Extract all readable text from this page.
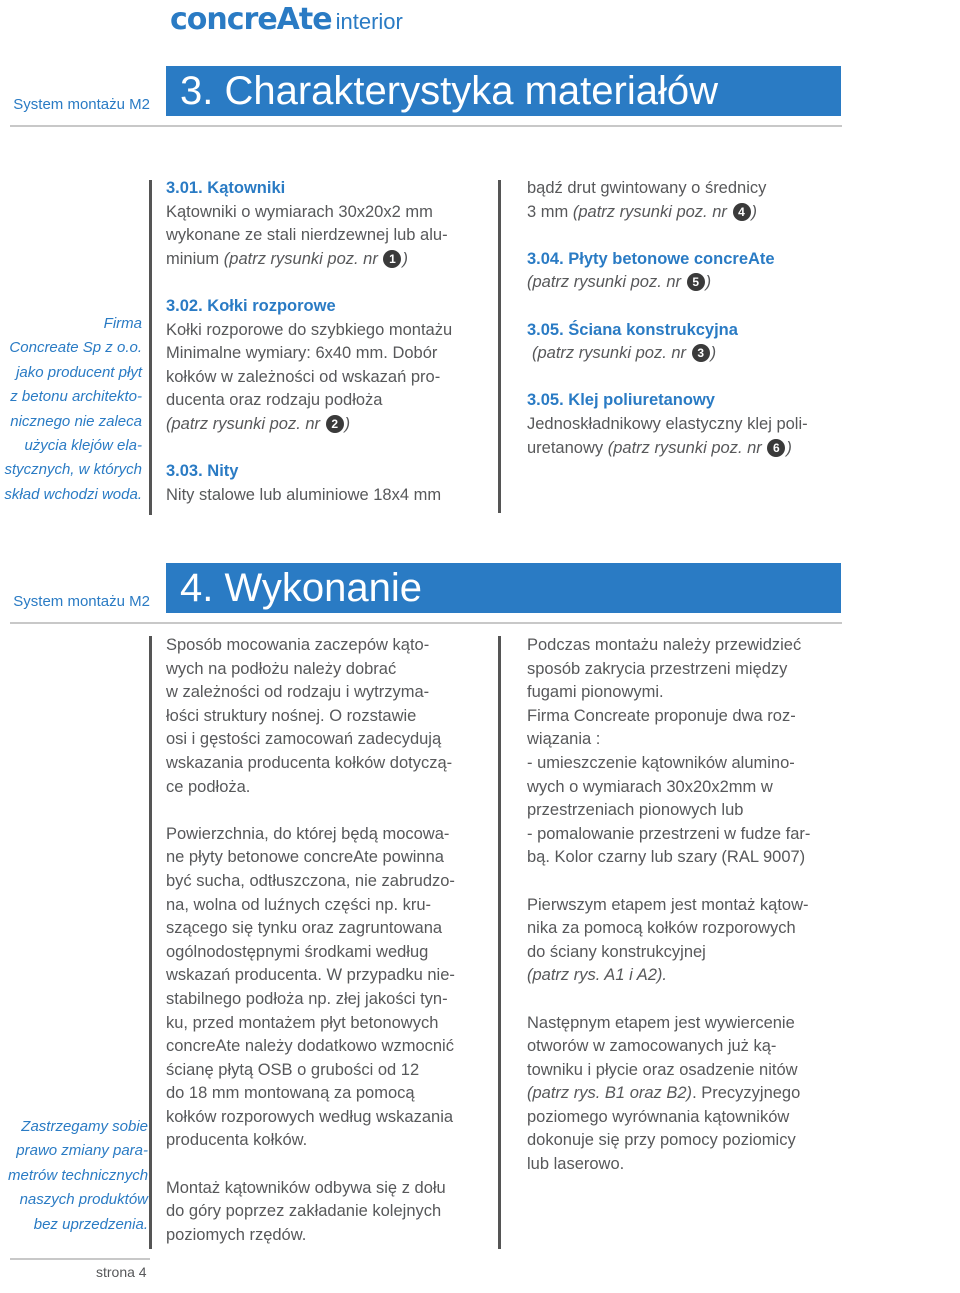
concreAte interior
System montażu M2 3. Charakterystyka materiałów
Firma
Concreate Sp z o.o.
jako producent płyt
z betonu architekto-
nicznego nie zaleca
użycia klejów ela-
stycznych, w których
skład wchodzi woda.

3.01. Kątowniki

Kątowniki o wymiarach 30x20x2 mm

wykonane ze stali nierdzewnej lub alu-

minium (patrz rysunki poz. nr 1 )

3.02. Kołki rozporowe

Kołki rozporowe do szybkiego montażu

Minimalne wymiary: 6x40 mm. Dobór

kołków w zależności od wskazań pro-

ducenta oraz rodzaju podłoża

(patrz rysunki poz. nr 2 )

3.03. Nity

Nity stalowe lub aluminiowe 18x4 mm

bądź drut gwintowany o średnicy

3 mm (patrz rysunki poz. nr 4 )

3.04. Płyty betonowe concreAte

(patrz rysunki poz. nr 5 )

3.05. Ściana konstrukcyjna

(patrz rysunki poz. nr 3 )

3.05. Klej poliuretanowy

Jednoskładnikowy elastyczny klej poli-

uretanowy (patrz rysunki poz. nr 6 )

System montażu M2 4. Wykonanie
Zastrzegamy sobie
prawo zmiany para-
metrów technicznych
naszych produktów
bez uprzedzenia.
Sposób mocowania zaczepów kąto-
wych na podłożu należy dobrać
w zależności od rodzaju i wytrzyma-
łości struktury nośnej. O rozstawie
osi i gęstości zamocowań zadecydują
wskazania producenta kołków dotyczą-
ce podłoża.
Powierzchnia, do której będą mocowa-
ne płyty betonowe concreAte powinna
być sucha, odtłuszczona, nie zabrudzo-
na, wolna od luźnych części np. kru-
szącego się tynku oraz zagruntowana
ogólnodostępnymi środkami według
wskazań producenta. W przypadku nie-
stabilnego podłoża np. złej jakości tyn-
ku, przed montażem płyt betonowych
concreAte należy dodatkowo wzmocnić
ścianę płytą OSB o grubości od 12
do 18 mm montowaną za pomocą
kołków rozporowych według wskazania
producenta kołków.
Montaż kątowników odbywa się z dołu
do góry poprzez zakładanie kolejnych
poziomych rzędów.
Podczas montażu należy przewidzieć
sposób zakrycia przestrzeni między
fugami pionowymi.
Firma Concreate proponuje dwa roz-
wiązania :
- umieszczenie kątowników alumino-
wych o wymiarach 30x20x2mm w
przestrzeniach pionowych lub
- pomalowanie przestrzeni w fudze far-
bą. Kolor czarny lub szary (RAL 9007)
Pierwszym etapem jest montaż kątow-
nika za pomocą kołków rozporowych
do ściany konstrukcyjnej
(patrz rys. A1 i A2).
Następnym etapem jest wywiercenie
otworów w zamocowanych już ką-
towniku i płycie oraz osadzenie nitów
(patrz rys. B1 oraz B2). Precyzyjnego
poziomego wyrównania kątowników
dokonuje się przy pomocy poziomicy
lub laserowo.
strona 4
